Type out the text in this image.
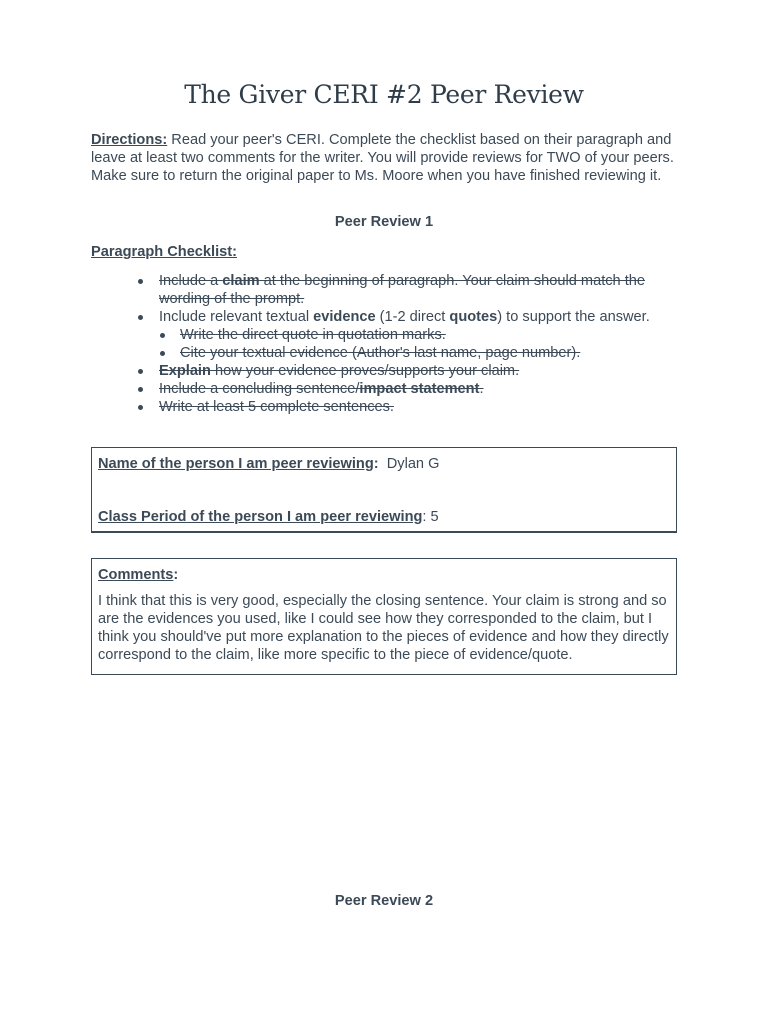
The Giver CERI #2 Peer Review
Directions: Read your peer's CERI. Complete the checklist based on their paragraph and leave at least two comments for the writer. You will provide reviews for TWO of your peers. Make sure to return the original paper to Ms. Moore when you have finished reviewing it.
Peer Review 1
Paragraph Checklist:
Include a claim at the beginning of paragraph. Your claim should match the wording of the prompt.
Include relevant textual evidence (1-2 direct quotes) to support the answer.
Write the direct quote in quotation marks.
Cite your textual evidence (Author's last name, page number).
Explain how your evidence proves/supports your claim.
Include a concluding sentence/impact statement.
Write at least 5 complete sentences.
Name of the person I am peer reviewing: Dylan G
Class Period of the person I am peer reviewing: 5
Comments:
I think that this is very good, especially the closing sentence. Your claim is strong and so are the evidences you used, like I could see how they corresponded to the claim, but I think you should've put more explanation to the pieces of evidence and how they directly correspond to the claim, like more specific to the piece of evidence/quote.
Peer Review 2
